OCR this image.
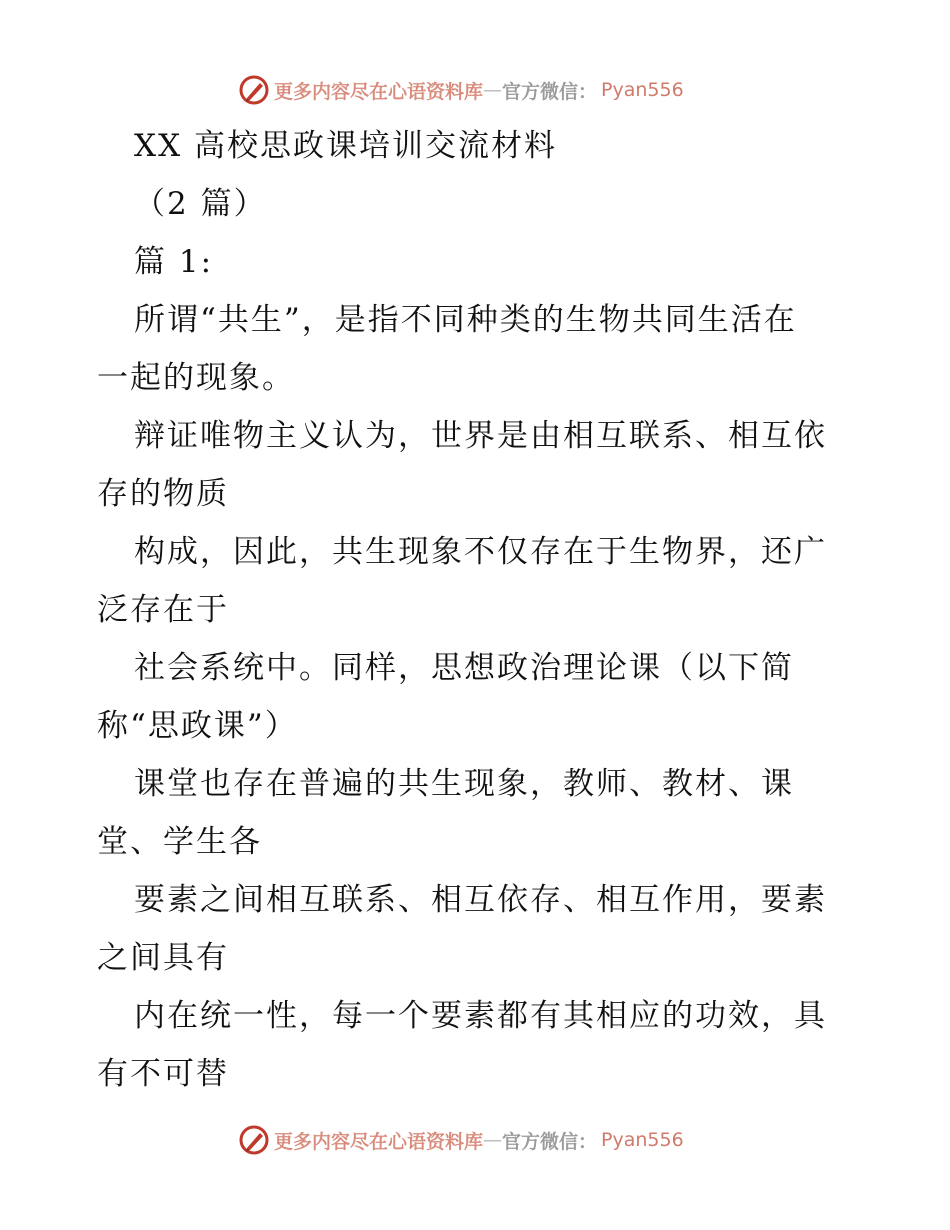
更多内容尽在心语资料库 — 官方微信： Pyan556
XX 高校思政课培训交流材料
（2 篇）
篇 1:
所谓“共生”，是指不同种类的生物共同生活在
一起的现象。
辩证唯物主义认为，世界是由相互联系、相互依
存的物质
构成，因此，共生现象不仅存在于生物界，还广
泛存在于
社会系统中。同样，思想政治理论课（以下简
称“思政课”）
课堂也存在普遍的共生现象，教师、教材、课
堂、学生各
要素之间相互联系、相互依存、相互作用，要素
之间具有
内在统一性，每一个要素都有其相应的功效，具
有不可替
更多内容尽在心语资料库 — 官方微信： Pyan556
